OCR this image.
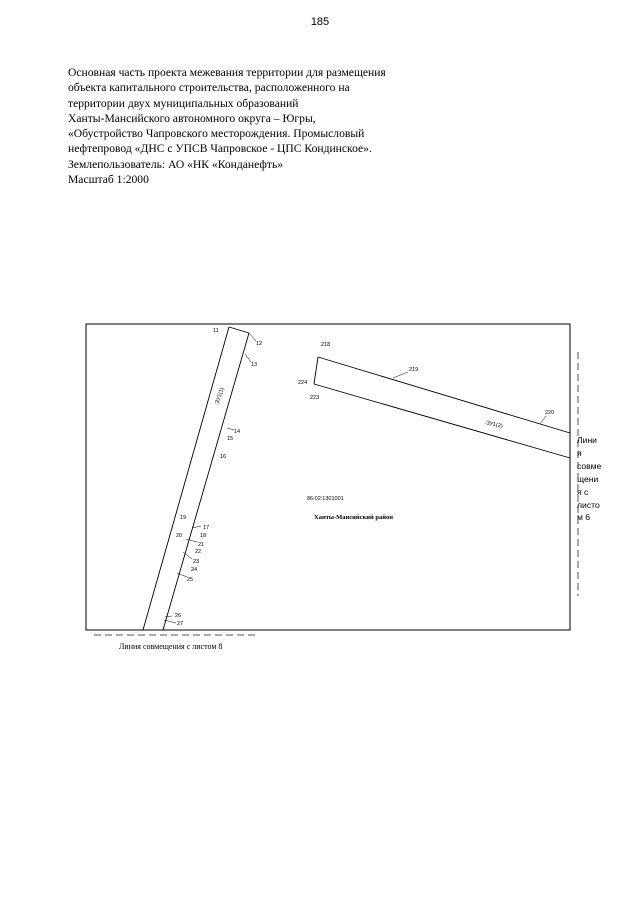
185
Основная часть проекта межевания территории для размещения
объекта капитального строительства, расположенного на
территории двух муниципальных образований
Ханты-Мансийского автономного округа – Югры,
«Обустройство Чапровского месторождения. Промысловый
нефтепровод «ДНС с УПСВ Чапровское - ЦПС Кондинское».
Землепользователь: АО «НК «Конданефть»
Масштаб 1:2000
11
12
13
14
15
16
17
18
19
20
21
22
23
24
25
26
27
218
219
220
223
224
:ЗУ1(1)
:ЗУ1(2)
86:02:1301001
Ханты-Мансийский район
Лини
я
совме
щени
я с
листо
м 6
Линия совмещения с листом 8
